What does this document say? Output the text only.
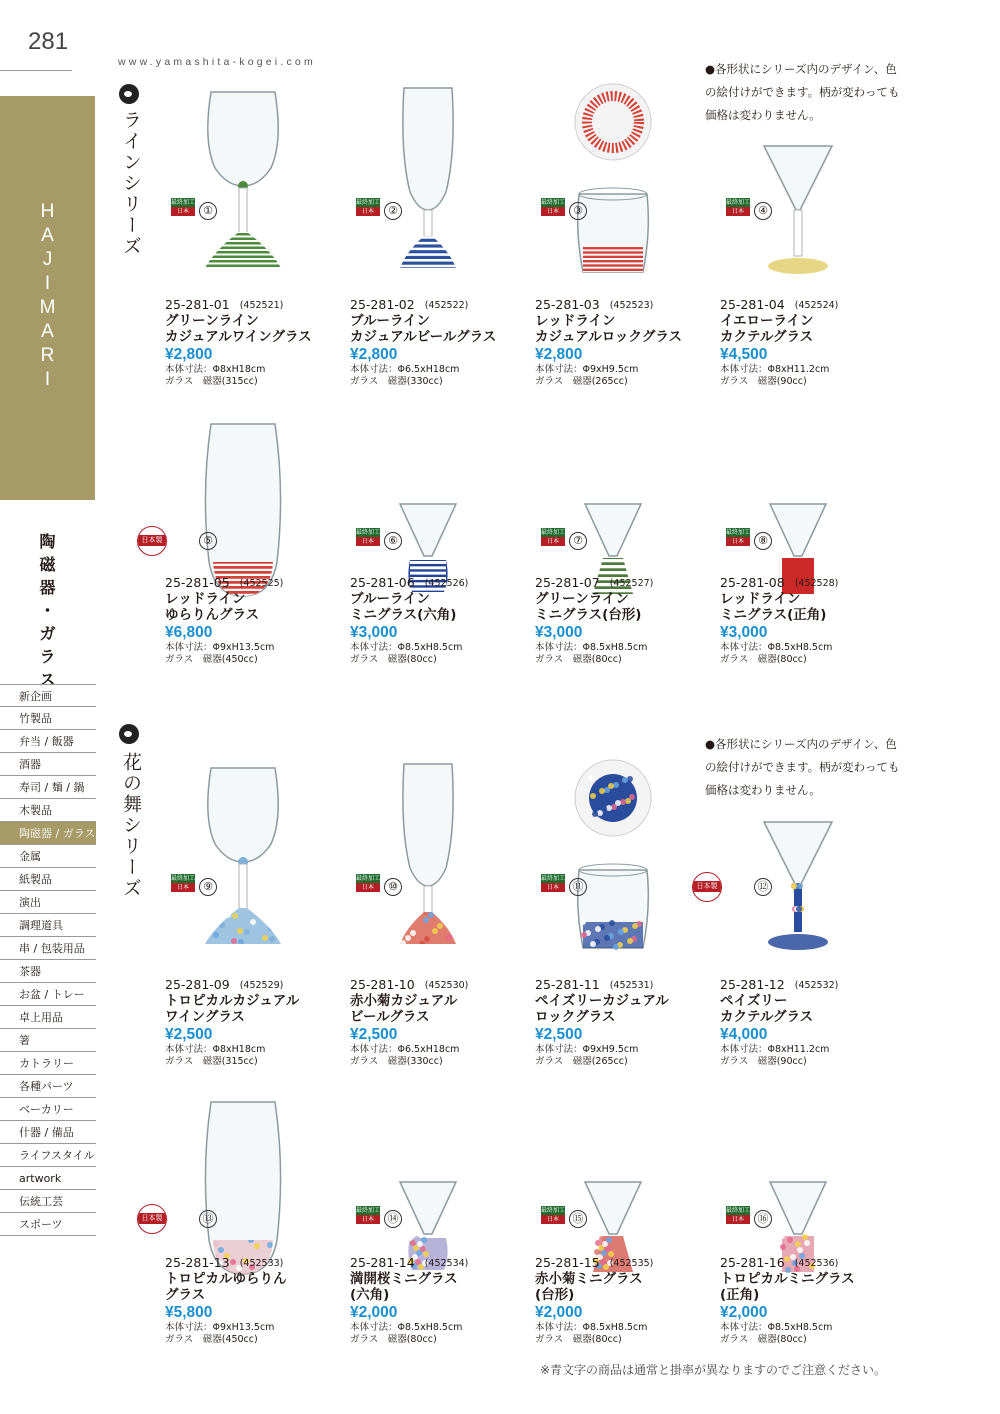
281
H
A
J
I
M
A
R
I
陶
磁
器
・
ガ
ラ
ス
新企画
竹製品
弁当 / 飯器
酒器
寿司 / 麺 / 鍋
木製品
陶磁器 / ガラス
金属
紙製品
演出
調理道具
串 / 包装用品
茶器
お盆 / トレー
卓上用品
箸
カトラリー
各種パーツ
ベーカリー
什器 / 備品
ライフスタイル
artwork
伝統工芸
スポーツ
www.yamashita-kogei.com
ラインシリーズ
●各形状にシリーズ内のデザイン、色の絵付けができます。柄が変わっても価格は変わりません。
花の舞シリーズ
●各形状にシリーズ内のデザイン、色の絵付けができます。柄が変わっても価格は変わりません。
①
最終加工
日本
25-281-01 (452521)
グリーンライン
カジュアルワイングラス
¥2,800
本体寸法：Φ8xH18cm
ガラス　磁器(315cc)
②
最終加工
日本
25-281-02 (452522)
ブルーライン
カジュアルビールグラス
¥2,800
本体寸法：Φ6.5xH18cm
ガラス　磁器(330cc)
③
最終加工
日本
25-281-03 (452523)
レッドライン
カジュアルロックグラス
¥2,800
本体寸法：Φ9xH9.5cm
ガラス　磁器(265cc)
④
最終加工
日本
25-281-04 (452524)
イエローライン
カクテルグラス
¥4,500
本体寸法：Φ8xH11.2cm
ガラス　磁器(90cc)
⑤
日本製
25-281-05 (452525)
レッドライン
ゆらりんグラス
¥6,800
本体寸法：Φ9xH13.5cm
ガラス　磁器(450cc)
⑥
最終加工
日本
25-281-06 (452526)
ブルーライン
ミニグラス(六角)
¥3,000
本体寸法：Φ8.5xH8.5cm
ガラス　磁器(80cc)
⑦
最終加工
日本
25-281-07 (452527)
グリーンライン
ミニグラス(台形)
¥3,000
本体寸法：Φ8.5xH8.5cm
ガラス　磁器(80cc)
⑧
最終加工
日本
25-281-08 (452528)
レッドライン
ミニグラス(正角)
¥3,000
本体寸法：Φ8.5xH8.5cm
ガラス　磁器(80cc)
⑨
最終加工
日本
25-281-09 (452529)
トロピカルカジュアル
ワイングラス
¥2,500
本体寸法：Φ8xH18cm
ガラス　磁器(315cc)
⑩
最終加工
日本
25-281-10 (452530)
赤小菊カジュアル
ビールグラス
¥2,500
本体寸法：Φ6.5xH18cm
ガラス　磁器(330cc)
⑪
最終加工
日本
25-281-11 (452531)
ペイズリーカジュアル
ロックグラス
¥2,500
本体寸法：Φ9xH9.5cm
ガラス　磁器(265cc)
⑫
日本製
25-281-12 (452532)
ペイズリー
カクテルグラス
¥4,000
本体寸法：Φ8xH11.2cm
ガラス　磁器(90cc)
⑬
日本製
25-281-13 (452533)
トロピカルゆらりん
グラス
¥5,800
本体寸法：Φ9xH13.5cm
ガラス　磁器(450cc)
⑭
最終加工
日本
25-281-14 (452534)
満開桜ミニグラス
(六角)
¥2,000
本体寸法：Φ8.5xH8.5cm
ガラス　磁器(80cc)
⑮
最終加工
日本
25-281-15 (452535)
赤小菊ミニグラス
(台形)
¥2,000
本体寸法：Φ8.5xH8.5cm
ガラス　磁器(80cc)
⑯
最終加工
日本
25-281-16 (452536)
トロピカルミニグラス
(正角)
¥2,000
本体寸法：Φ8.5xH8.5cm
ガラス　磁器(80cc)
※青文字の商品は通常と掛率が異なりますのでご注意ください。
